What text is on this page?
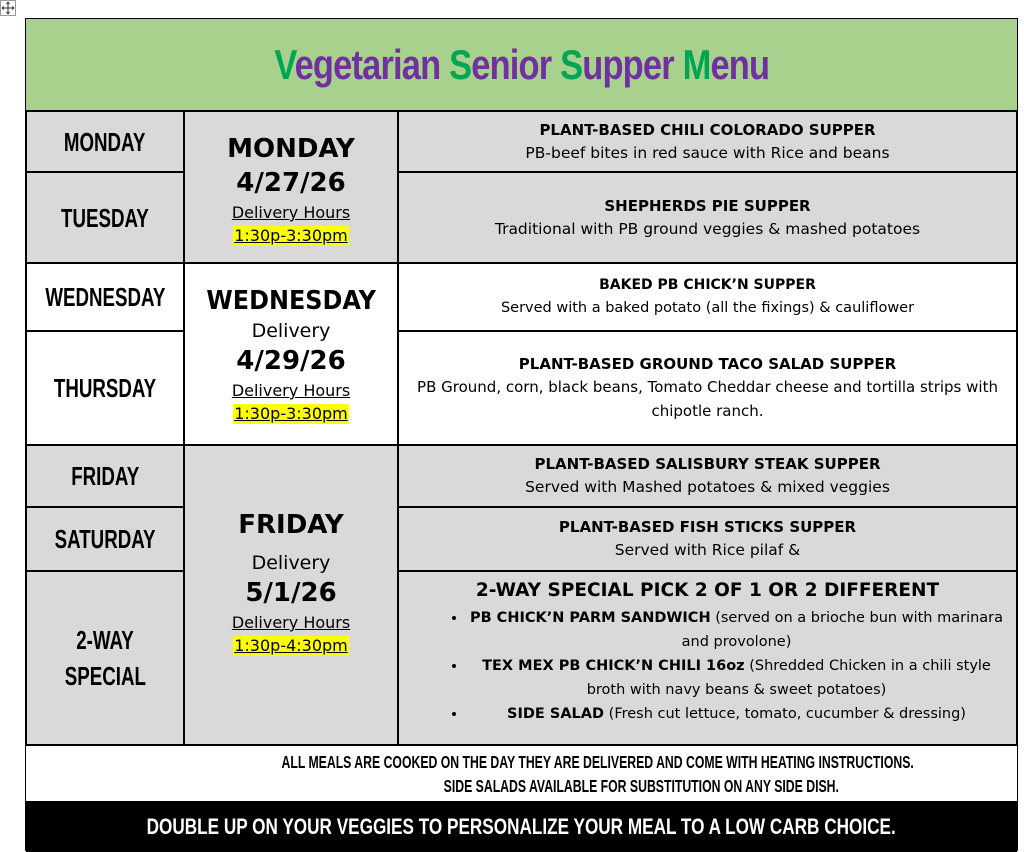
Vegetarian Senior Supper Menu
MONDAY
TUESDAY
WEDNESDAY
THURSDAY
FRIDAY
SATURDAY
2-WAY
SPECIAL
MONDAY
4/27/26
Delivery Hours
1:30p-3:30pm
WEDNESDAY
Delivery
4/29/26
Delivery Hours
1:30p-3:30pm
FRIDAY
Delivery
5/1/26
Delivery Hours
1:30p-4:30pm
PLANT-BASED CHILI COLORADO SUPPER
PB-beef bites in red sauce with Rice and beans
SHEPHERDS PIE SUPPER
Traditional with PB ground veggies & mashed potatoes
BAKED PB CHICK’N SUPPER
Served with a baked potato (all the fixings) & cauliflower
PLANT-BASED GROUND TACO SALAD SUPPER
PB Ground, corn, black beans, Tomato Cheddar cheese and tortilla strips with chipotle ranch.
PLANT-BASED SALISBURY STEAK SUPPER
Served with Mashed potatoes & mixed veggies
PLANT-BASED FISH STICKS SUPPER
Served with Rice pilaf &
2-WAY SPECIAL PICK 2 OF 1 OR 2 DIFFERENT
• PB CHICK’N PARM SANDWICH (served on a brioche bun with marinara and provolone)
• TEX MEX PB CHICK’N CHILI 16oz (Shredded Chicken in a chili style broth with navy beans & sweet potatoes)
• SIDE SALAD (Fresh cut lettuce, tomato, cucumber & dressing)
ALL MEALS ARE COOKED ON THE DAY THEY ARE DELIVERED AND COME WITH HEATING INSTRUCTIONS.
SIDE SALADS AVAILABLE FOR SUBSTITUTION ON ANY SIDE DISH.
DOUBLE UP ON YOUR VEGGIES TO PERSONALIZE YOUR MEAL TO A LOW CARB CHOICE.
